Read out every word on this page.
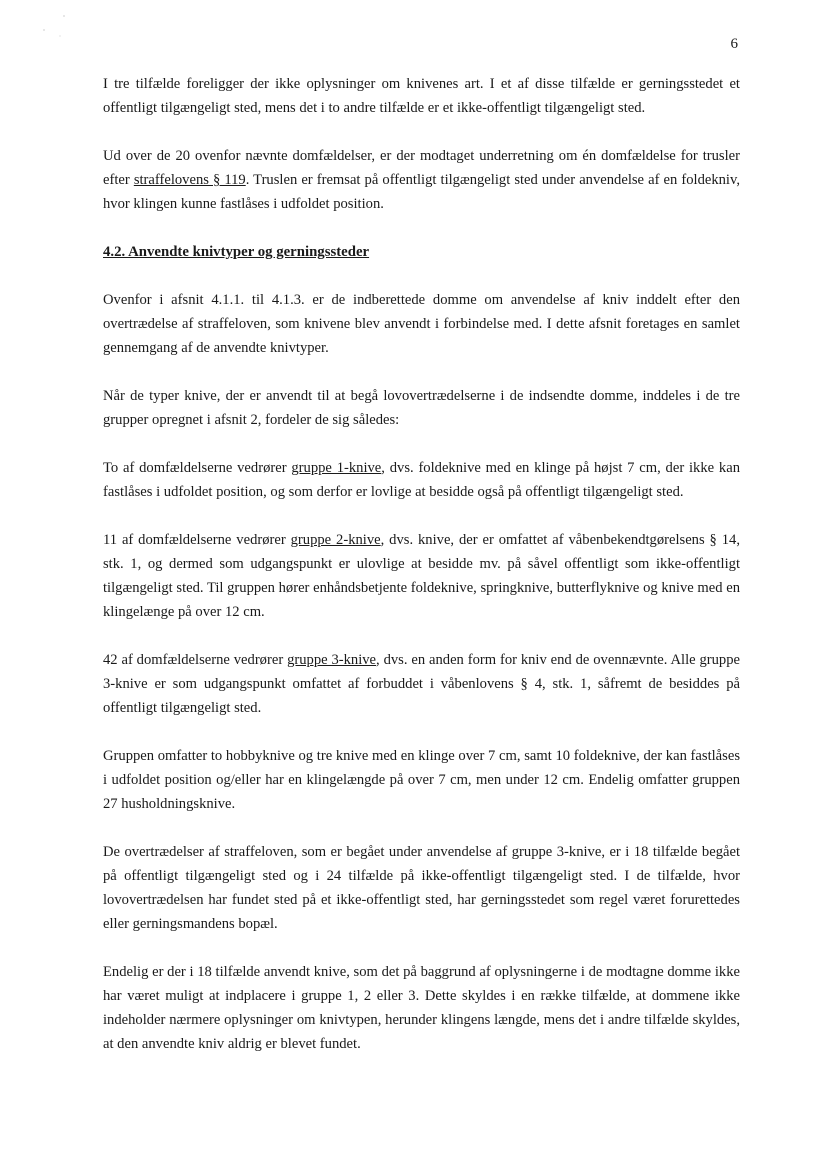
6

I tre tilfælde foreligger der ikke oplysninger om knivenes art. I et af disse tilfælde er gerningsstedet et offentligt tilgængeligt sted, mens det i to andre tilfælde er et ikke-offentligt tilgængeligt sted.

Ud over de 20 ovenfor nævnte domfældelser, er der modtaget underretning om én domfældelse for trusler efter straffelovens § 119. Truslen er fremsat på offentligt tilgængeligt sted under anvendelse af en foldekniv, hvor klingen kunne fastlåses i udfoldet position.

4.2. Anvendte knivtyper og gerningssteder

Ovenfor i afsnit 4.1.1. til 4.1.3. er de indberettede domme om anvendelse af kniv inddelt efter den overtrædelse af straffeloven, som knivene blev anvendt i forbindelse med. I dette afsnit foretages en samlet gennemgang af de anvendte knivtyper.

Når de typer knive, der er anvendt til at begå lovovertrædelserne i de indsendte domme, inddeles i de tre grupper opregnet i afsnit 2, fordeler de sig således:

To af domfældelserne vedrører gruppe 1-knive, dvs. foldeknive med en klinge på højst 7 cm, der ikke kan fastlåses i udfoldet position, og som derfor er lovlige at besidde også på offentligt tilgængeligt sted.

11 af domfældelserne vedrører gruppe 2-knive, dvs. knive, der er omfattet af våbenbekendtgørelsens § 14, stk. 1, og dermed som udgangspunkt er ulovlige at besidde mv. på såvel offentligt som ikke-offentligt tilgængeligt sted. Til gruppen hører enhåndsbetjente foldeknive, springknive, butterflyknive og knive med en klingelænge på over 12 cm.

42 af domfældelserne vedrører gruppe 3-knive, dvs. en anden form for kniv end de ovennævnte. Alle gruppe 3-knive er som udgangspunkt omfattet af forbuddet i våbenlovens § 4, stk. 1, såfremt de besiddes på offentligt tilgængeligt sted.

Gruppen omfatter to hobbyknive og tre knive med en klinge over 7 cm, samt 10 foldeknive, der kan fastlåses i udfoldet position og/eller har en klingelængde på over 7 cm, men under 12 cm. Endelig omfatter gruppen 27 husholdningsknive.

De overtrædelser af straffeloven, som er begået under anvendelse af gruppe 3-knive, er i 18 tilfælde begået på offentligt tilgængeligt sted og i 24 tilfælde på ikke-offentligt tilgængeligt sted. I de tilfælde, hvor lovovertrædelsen har fundet sted på et ikke-offentligt sted, har gerningsstedet som regel været forurettedes eller gerningsmandens bopæl.

Endelig er der i 18 tilfælde anvendt knive, som det på baggrund af oplysningerne i de modtagne domme ikke har været muligt at indplacere i gruppe 1, 2 eller 3. Dette skyldes i en række tilfælde, at dommene ikke indeholder nærmere oplysninger om knivtypen, herunder klingens længde, mens det i andre tilfælde skyldes, at den anvendte kniv aldrig er blevet fundet.
